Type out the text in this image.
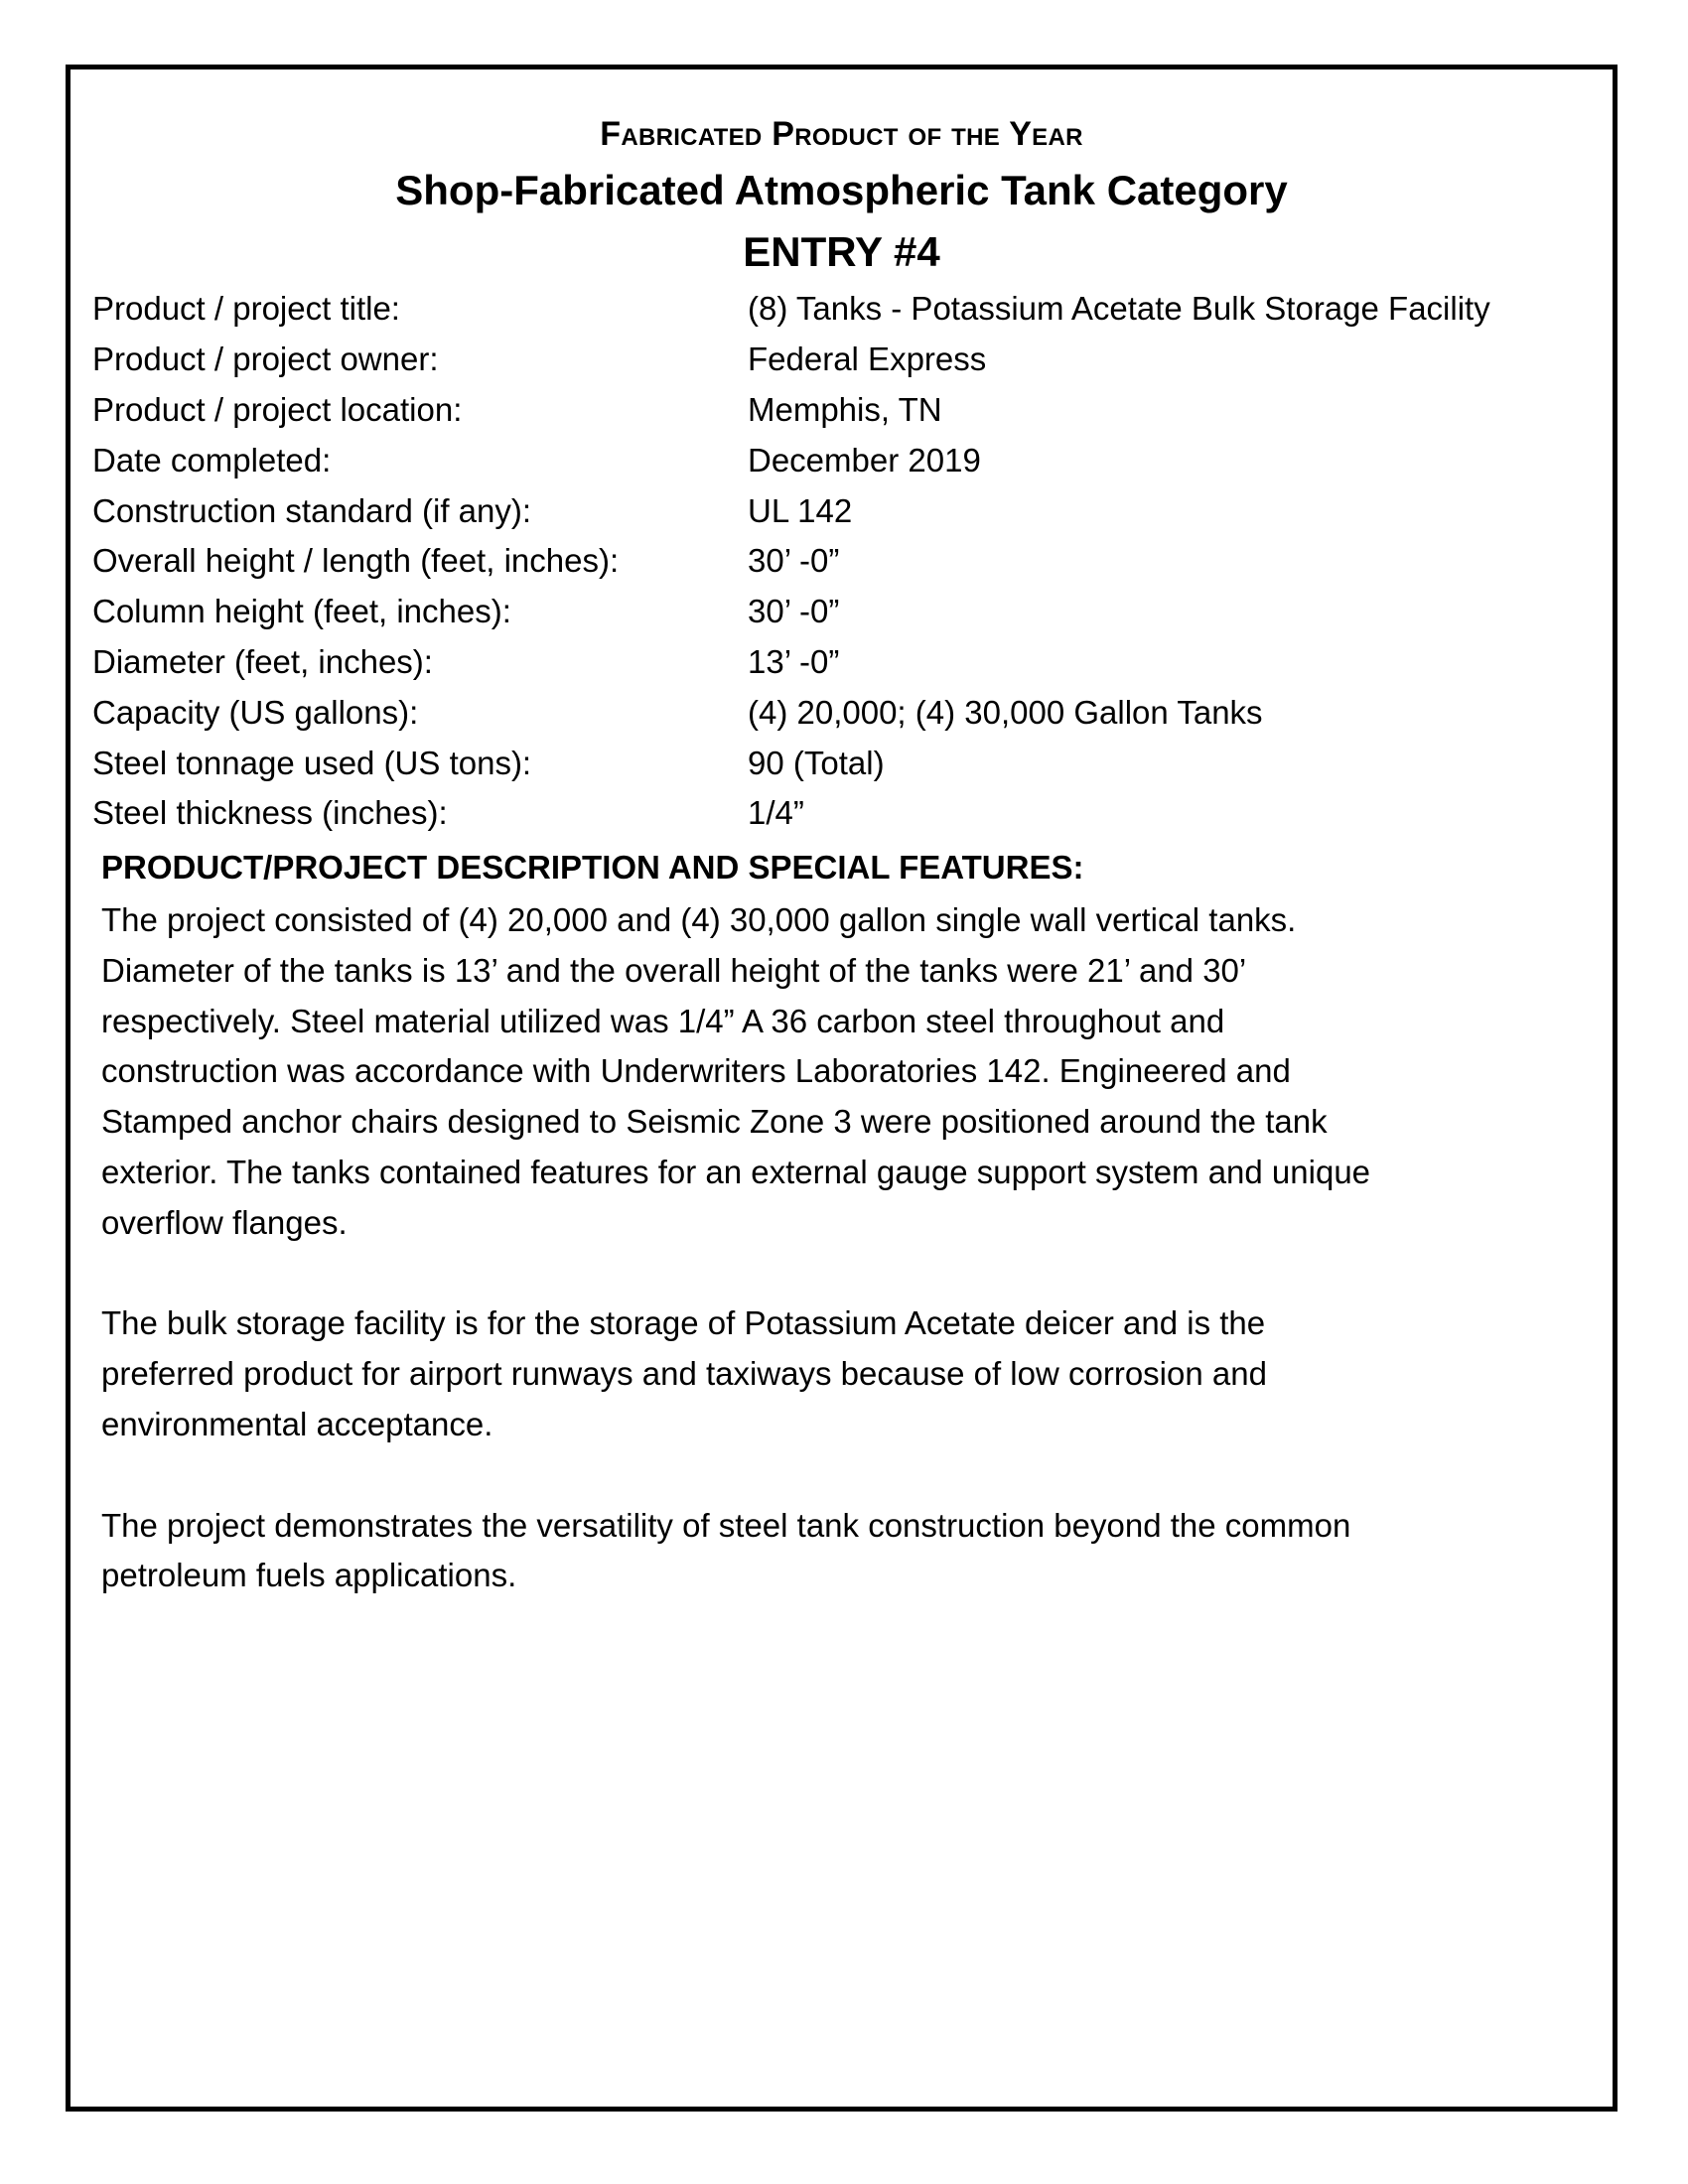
Fabricated Product of the Year
Shop-Fabricated Atmospheric Tank Category
ENTRY #4
Product / project title:	(8) Tanks - Potassium Acetate Bulk Storage Facility
Product / project owner:	Federal Express
Product / project location:	Memphis, TN
Date completed:	December 2019
Construction standard (if any):	UL 142
Overall height / length (feet, inches):	30’ -0”
Column height (feet, inches):	30’ -0”
Diameter (feet, inches):	13’ -0”
Capacity (US gallons):	(4) 20,000; (4) 30,000 Gallon Tanks
Steel tonnage used (US tons):	90 (Total)
Steel thickness (inches):	1/4”
PRODUCT/PROJECT DESCRIPTION AND SPECIAL FEATURES:
The project consisted of (4) 20,000 and (4) 30,000 gallon single wall vertical tanks.
Diameter of the tanks is 13’ and the overall height of the tanks were 21’ and 30’
respectively. Steel material utilized was 1/4” A 36 carbon steel throughout and
construction was accordance with Underwriters Laboratories 142. Engineered and
Stamped anchor chairs designed to Seismic Zone 3 were positioned around the tank
exterior. The tanks contained features for an external gauge support system and unique
overflow flanges.
The bulk storage facility is for the storage of Potassium Acetate deicer and is the
preferred product for airport runways and taxiways because of low corrosion and
environmental acceptance.
The project demonstrates the versatility of steel tank construction beyond the common
petroleum fuels applications.
